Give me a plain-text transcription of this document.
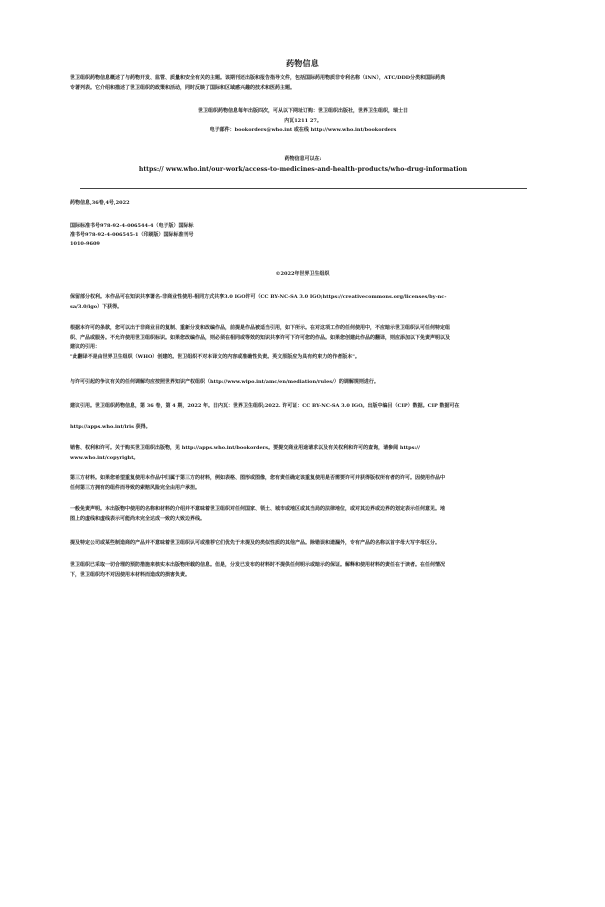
药物信息
世卫组织药物信息概述了与药物开发、监管、质量和安全有关的主题。该期刊还出版和报告指导文件，包括国际药用物质非专利名称（INN），ATC/DDD分类和国际药典
专著列表。它介绍和描述了世卫组织的政策和活动，同时反映了国际和区域感兴趣的技术和医药主题。
世卫组织药物信息每年出版四次，可从以下网址订购：世卫组织出版社，世界卫生组织，瑞士日
内瓦1211 27。
电子邮件：bookorders@who.int 或在线 http://www.who.int/bookorders
药物信息可以在:
https:// www.who.int/our-work/access-to-medicines-and-health-products/who-drug-information
药物信息,36卷,4号,2022
国际标准书号978-92-4-006544-4（电子版）国际标
准书号978-92-4-006545-1（印刷版）国际标准刊号
1010-9609
©2022年世界卫生组织
保留部分权利。本作品可在知识共享署名-非商业性使用-相同方式共享3.0 IGO许可（CC BY-NC-SA 3.0 IGO;https://creativecommons.org/licenses/by-nc-
sa/3.0/igo）下获得。
根据本许可的条款，您可以出于非商业目的复制、重新分发和改编作品，前提是作品被适当引用，如下所示。在对这项工作的任何使用中，不应暗示世卫组织认可任何特定组
织、产品或服务。不允许使用世卫组织标识。如果您改编作品，则必须在相同或等效的知识共享许可下许可您的作品。如果您创建此作品的翻译，则应添加以下免责声明以及
建议的引用：
"此翻译不是由世界卫生组织（WHO）创建的。世卫组织不对本译文的内容或准确性负责。英文原版应为具有约束力的作者版本"。
与许可引起的争议有关的任何调解均应按照世界知识产权组织（http://www.wipo.int/amc/en/mediation/rules/）的调解规则进行。
建议引用。世卫组织药物信息，第 36 卷，第 4 期，2022 年。日内瓦：世界卫生组织;2022. 许可证：CC BY-NC-SA 3.0 IGO。出版中编目（CIP）数据。CIP 数据可在
http://apps.who.int/iris 获得。
销售、权利和许可。关于购买世卫组织出版物，见 http://apps.who.int/bookorders。要提交商业用途请求以及有关权利和许可的查询，请参阅 https://
www.who.int/copyright。
第三方材料。如果您希望重复使用本作品中归属于第三方的材料，例如表格、图形或图像，您有责任确定该重复使用是否需要许可并获得版权所有者的许可。因使用作品中
任何第三方拥有的组件而导致的索赔风险完全由用户承担。
一般免责声明。本出版物中使用的名称和材料的介绍并不意味着世卫组织对任何国家、领土、城市或地区或其当局的法律地位，或对其边界或边界的划定表示任何意见。地
图上的虚线和虚线表示可能尚未完全达成一致的大致边界线。
提及特定公司或某些制造商的产品并不意味着世卫组织认可或推荐它们优先于未提及的类似性质的其他产品。除错误和遗漏外，专有产品的名称以首字母大写字母区分。
世卫组织已采取一切合理的预防措施来核实本出版物所载的信息。但是，分发已发布的材料时不提供任何明示或暗示的保证。解释和使用材料的责任在于读者。在任何情况
下，世卫组织均不对因使用本材料而造成的损害负责。
